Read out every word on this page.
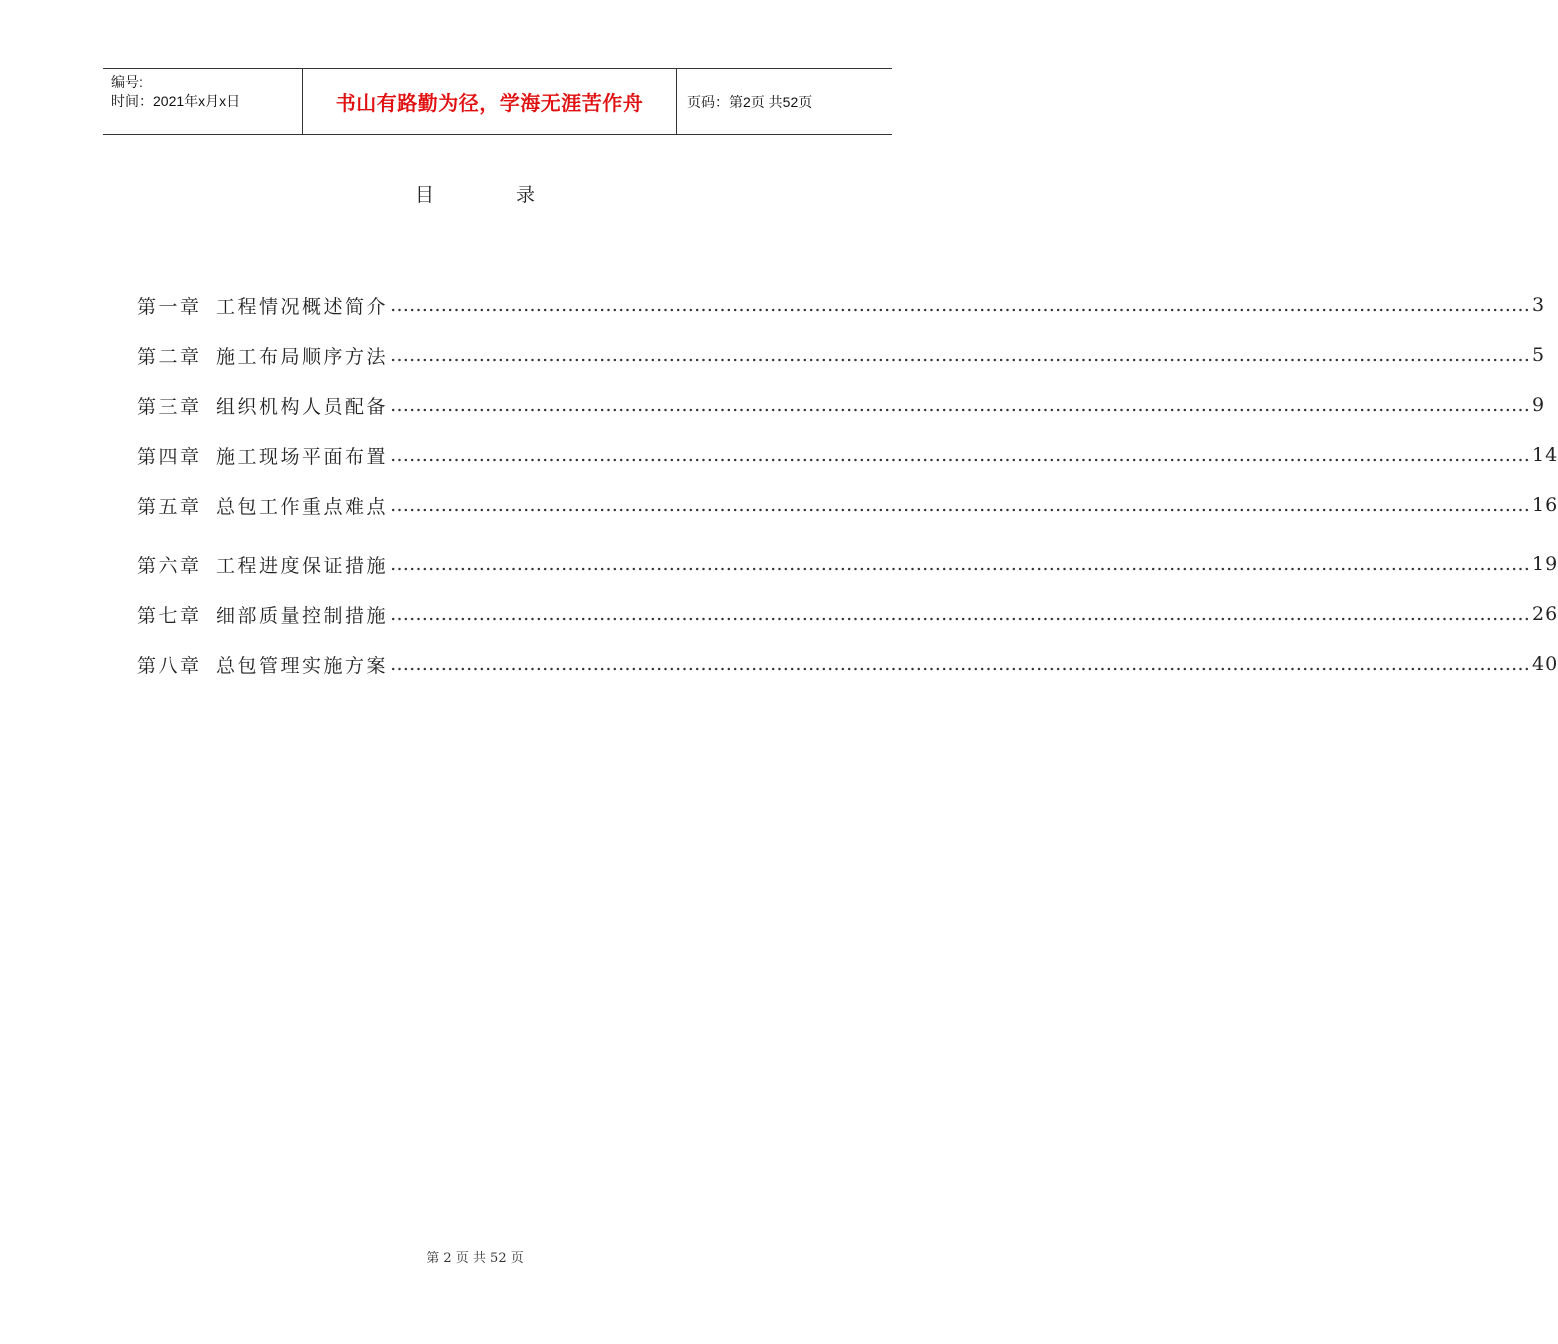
编号:
时间：2021年x月x日	书山有路勤为径，学海无涯苦作舟	页码：第2页 共52页
目 录
第一章 工程情况概述简介 ……………………………………………………………………………………………………………………………………………………………… 3
第二章 施工布局顺序方法 ……………………………………………………………………………………………………………………………………………………………… 5
第三章 组织机构人员配备 ……………………………………………………………………………………………………………………………………………………………… 9
第四章 施工现场平面布置 ……………………………………………………………………………………………………………………………………………………………… 14
第五章 总包工作重点难点 ……………………………………………………………………………………………………………………………………………………………… 16
第六章 工程进度保证措施 ……………………………………………………………………………………………………………………………………………………………… 19
第七章 细部质量控制措施 ……………………………………………………………………………………………………………………………………………………………… 26
第八章 总包管理实施方案 ……………………………………………………………………………………………………………………………………………………………… 40
第 2 页 共 52 页
